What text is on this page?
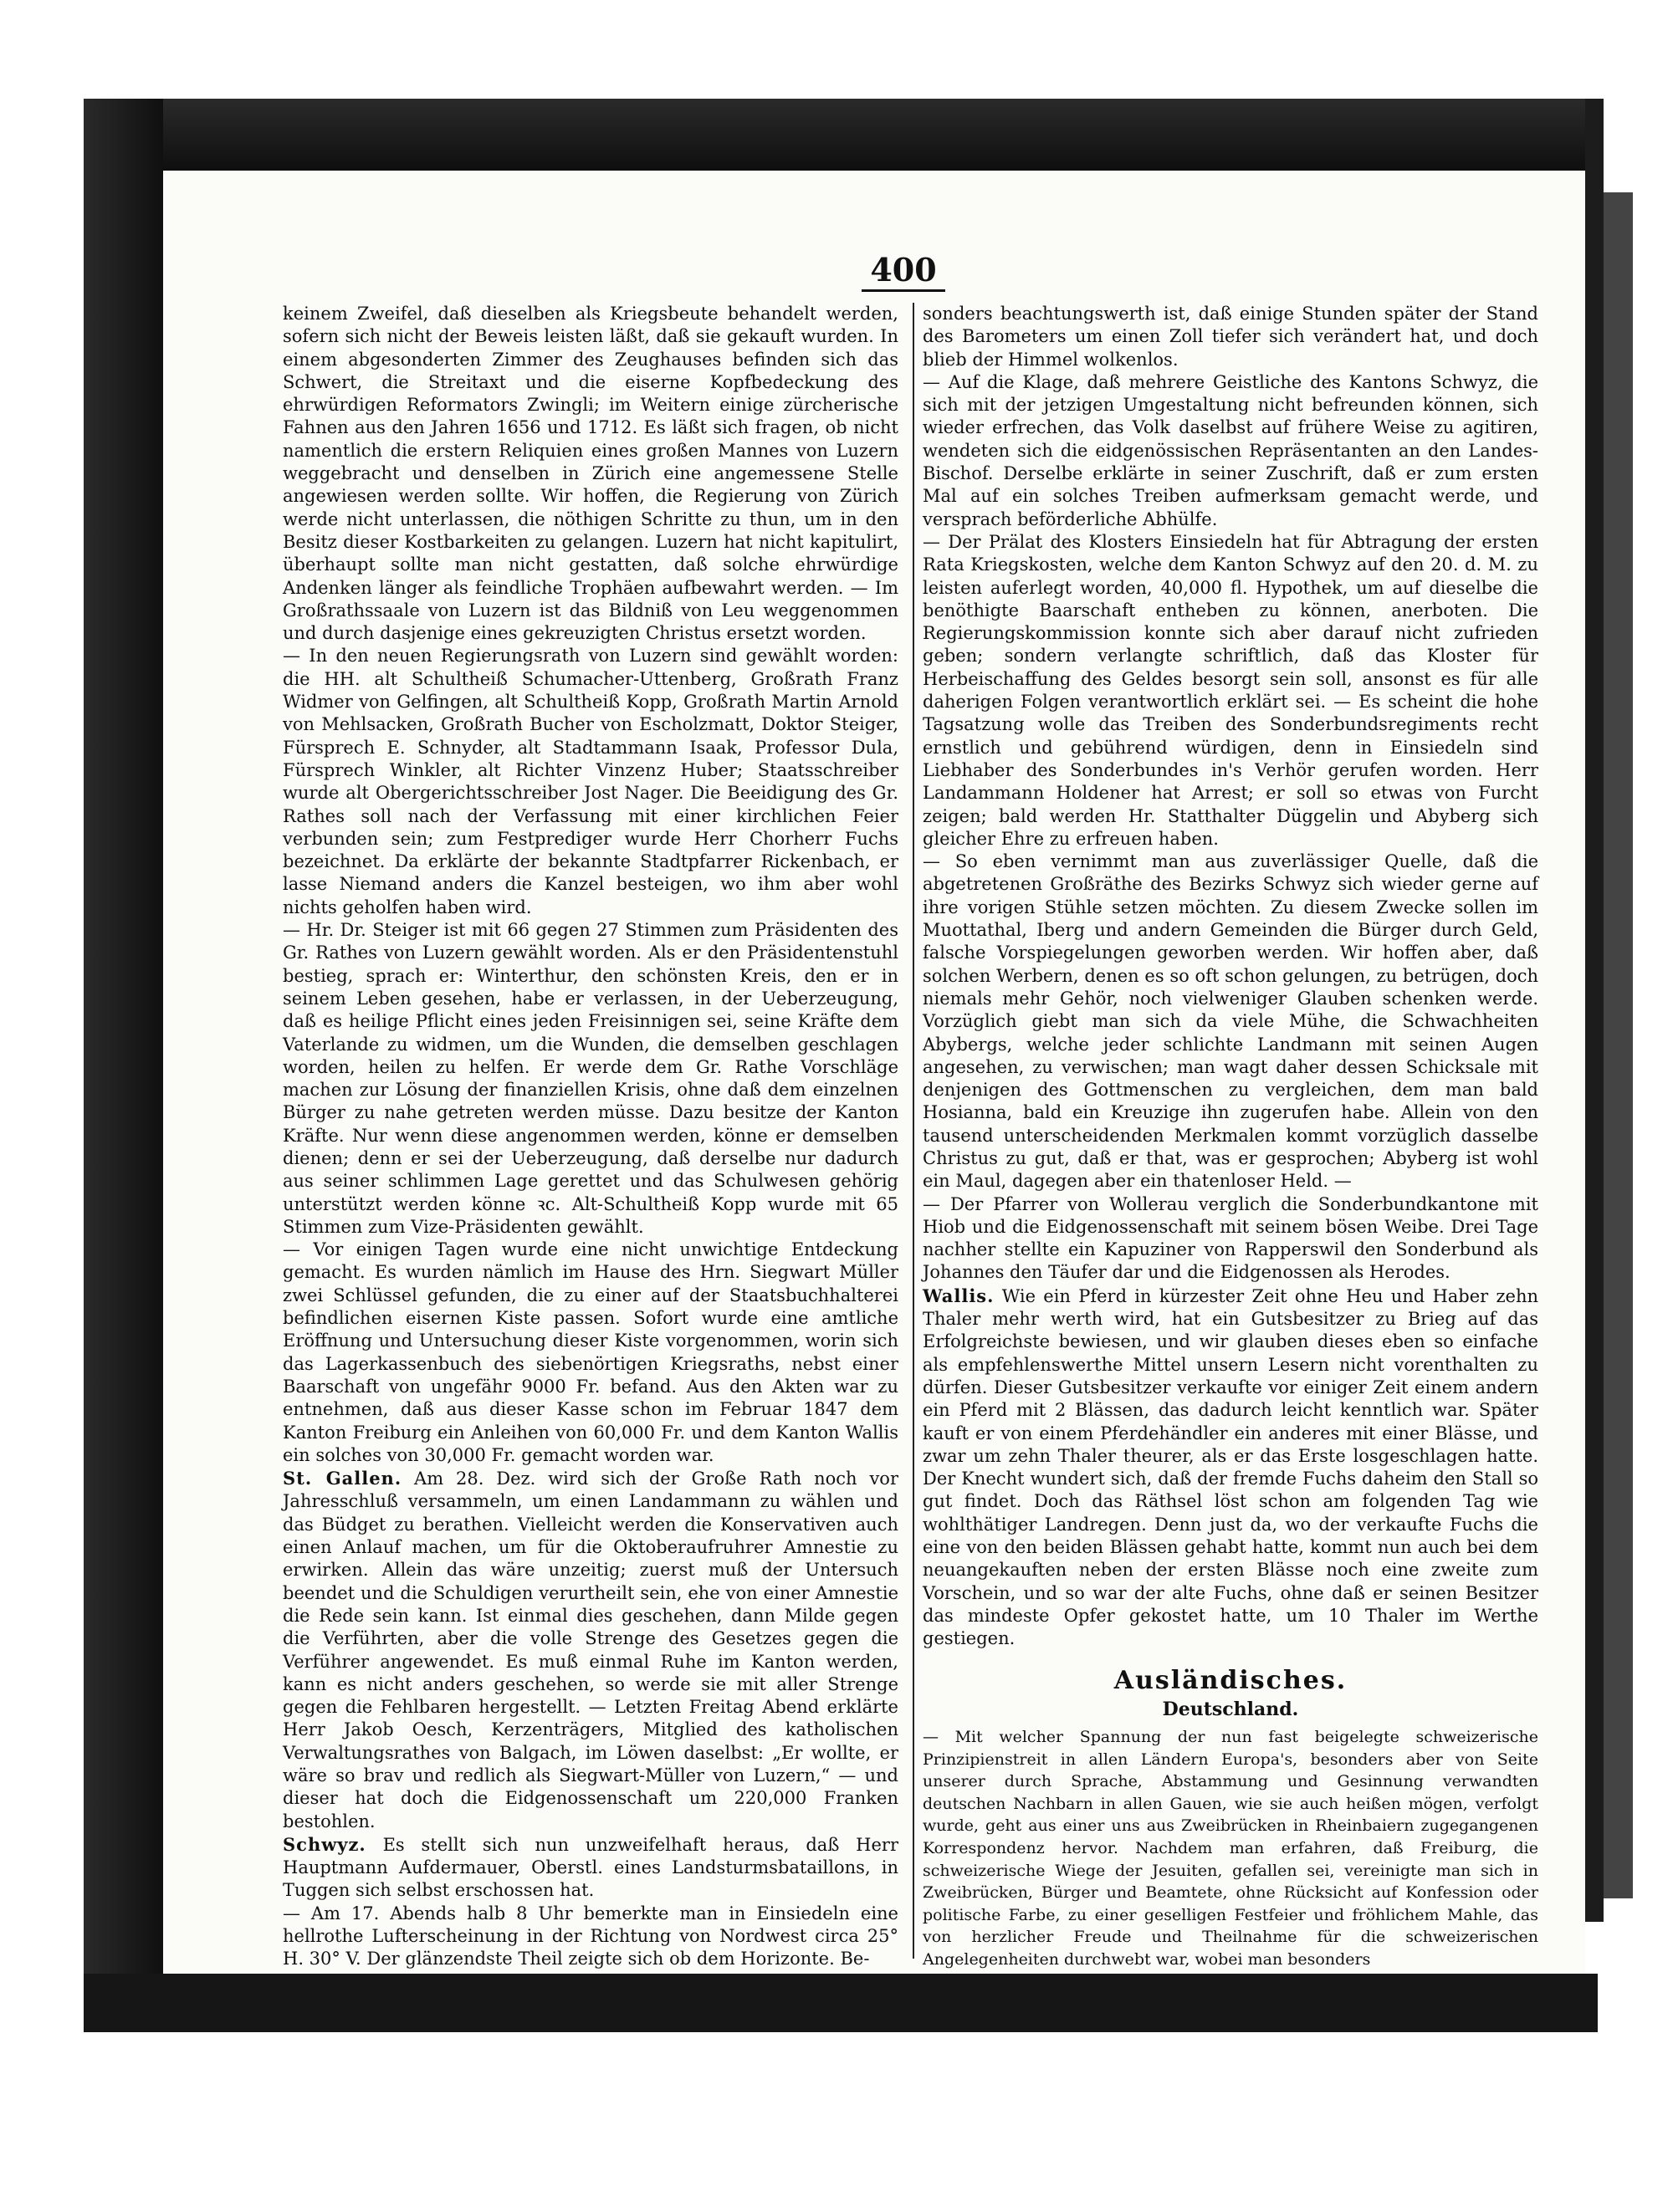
400

keinem Zweifel, daß dieselben als Kriegsbeute behandelt werden, sofern sich nicht der Beweis leisten läßt, daß sie gekauft wurden. In einem abgesonderten Zimmer des Zeughauses befinden sich das Schwert, die Streitaxt und die eiserne Kopfbedeckung des ehrwürdigen Reformators Zwingli; im Weitern einige zürcherische Fahnen aus den Jahren 1656 und 1712. Es läßt sich fragen, ob nicht namentlich die erstern Reliquien eines großen Mannes von Luzern weggebracht und denselben in Zürich eine angemessene Stelle angewiesen werden sollte. Wir hoffen, die Regierung von Zürich werde nicht unterlassen, die nöthigen Schritte zu thun, um in den Besitz dieser Kostbarkeiten zu gelangen. Luzern hat nicht kapitulirt, überhaupt sollte man nicht gestatten, daß solche ehrwürdige Andenken länger als feindliche Trophäen aufbewahrt werden. — Im Großrathssaale von Luzern ist das Bildniß von Leu weggenommen und durch dasjenige eines gekreuzigten Christus ersetzt worden.

— In den neuen Regierungsrath von Luzern sind gewählt worden: die HH. alt Schultheiß Schumacher-Uttenberg, Großrath Franz Widmer von Gelfingen, alt Schultheiß Kopp, Großrath Martin Arnold von Mehlsacken, Großrath Bucher von Escholzmatt, Doktor Steiger, Fürsprech E. Schnyder, alt Stadtammann Isaak, Professor Dula, Fürsprech Winkler, alt Richter Vinzenz Huber; Staatsschreiber wurde alt Obergerichtsschreiber Jost Nager. Die Beeidigung des Gr. Rathes soll nach der Verfassung mit einer kirchlichen Feier verbunden sein; zum Festprediger wurde Herr Chorherr Fuchs bezeichnet. Da erklärte der bekannte Stadtpfarrer Rickenbach, er lasse Niemand anders die Kanzel besteigen, wo ihm aber wohl nichts geholfen haben wird.

— Hr. Dr. Steiger ist mit 66 gegen 27 Stimmen zum Präsidenten des Gr. Rathes von Luzern gewählt worden. Als er den Präsidentenstuhl bestieg, sprach er: Winterthur, den schönsten Kreis, den er in seinem Leben gesehen, habe er verlassen, in der Ueberzeugung, daß es heilige Pflicht eines jeden Freisinnigen sei, seine Kräfte dem Vaterlande zu widmen, um die Wunden, die demselben geschlagen worden, heilen zu helfen. Er werde dem Gr. Rathe Vorschläge machen zur Lösung der finanziellen Krisis, ohne daß dem einzelnen Bürger zu nahe getreten werden müsse. Dazu besitze der Kanton Kräfte. Nur wenn diese angenommen werden, könne er demselben dienen; denn er sei der Ueberzeugung, daß derselbe nur dadurch aus seiner schlimmen Lage gerettet und das Schulwesen gehörig unterstützt werden könne ꝛc. Alt-Schultheiß Kopp wurde mit 65 Stimmen zum Vize-Präsidenten gewählt.

— Vor einigen Tagen wurde eine nicht unwichtige Entdeckung gemacht. Es wurden nämlich im Hause des Hrn. Siegwart Müller zwei Schlüssel gefunden, die zu einer auf der Staatsbuchhalterei befindlichen eisernen Kiste passen. Sofort wurde eine amtliche Eröffnung und Untersuchung dieser Kiste vorgenommen, worin sich das Lagerkassenbuch des siebenörtigen Kriegsraths, nebst einer Baarschaft von ungefähr 9000 Fr. befand. Aus den Akten war zu entnehmen, daß aus dieser Kasse schon im Februar 1847 dem Kanton Freiburg ein Anleihen von 60,000 Fr. und dem Kanton Wallis ein solches von 30,000 Fr. gemacht worden war.

St. Gallen. Am 28. Dez. wird sich der Große Rath noch vor Jahresschluß versammeln, um einen Landammann zu wählen und das Büdget zu berathen. Vielleicht werden die Konservativen auch einen Anlauf machen, um für die Oktoberaufruhrer Amnestie zu erwirken. Allein das wäre unzeitig; zuerst muß der Untersuch beendet und die Schuldigen verurtheilt sein, ehe von einer Amnestie die Rede sein kann. Ist einmal dies geschehen, dann Milde gegen die Verführten, aber die volle Strenge des Gesetzes gegen die Verführer angewendet. Es muß einmal Ruhe im Kanton werden, kann es nicht anders geschehen, so werde sie mit aller Strenge gegen die Fehlbaren hergestellt. — Letzten Freitag Abend erklärte Herr Jakob Oesch, Kerzenträgers, Mitglied des katholischen Verwaltungsrathes von Balgach, im Löwen daselbst: „Er wollte, er wäre so brav und redlich als Siegwart-Müller von Luzern,“ — und dieser hat doch die Eidgenossenschaft um 220,000 Franken bestohlen.

Schwyz. Es stellt sich nun unzweifelhaft heraus, daß Herr Hauptmann Aufdermauer, Oberstl. eines Landsturmsbataillons, in Tuggen sich selbst erschossen hat.

— Am 17. Abends halb 8 Uhr bemerkte man in Einsiedeln eine hellrothe Lufterscheinung in der Richtung von Nordwest circa 25° H. 30° V. Der glänzendste Theil zeigte sich ob dem Horizonte. Be-

sonders beachtungswerth ist, daß einige Stunden später der Stand des Barometers um einen Zoll tiefer sich verändert hat, und doch blieb der Himmel wolkenlos.

— Auf die Klage, daß mehrere Geistliche des Kantons Schwyz, die sich mit der jetzigen Umgestaltung nicht befreunden können, sich wieder erfrechen, das Volk daselbst auf frühere Weise zu agitiren, wendeten sich die eidgenössischen Repräsentanten an den Landes-Bischof. Derselbe erklärte in seiner Zuschrift, daß er zum ersten Mal auf ein solches Treiben aufmerksam gemacht werde, und versprach beförderliche Abhülfe.

— Der Prälat des Klosters Einsiedeln hat für Abtragung der ersten Rata Kriegskosten, welche dem Kanton Schwyz auf den 20. d. M. zu leisten auferlegt worden, 40,000 fl. Hypothek, um auf dieselbe die benöthigte Baarschaft entheben zu können, anerboten. Die Regierungskommission konnte sich aber darauf nicht zufrieden geben; sondern verlangte schriftlich, daß das Kloster für Herbeischaffung des Geldes besorgt sein soll, ansonst es für alle daherigen Folgen verantwortlich erklärt sei. — Es scheint die hohe Tagsatzung wolle das Treiben des Sonderbundsregiments recht ernstlich und gebührend würdigen, denn in Einsiedeln sind Liebhaber des Sonderbundes in's Verhör gerufen worden. Herr Landammann Holdener hat Arrest; er soll so etwas von Furcht zeigen; bald werden Hr. Statthalter Düggelin und Abyberg sich gleicher Ehre zu erfreuen haben.

— So eben vernimmt man aus zuverlässiger Quelle, daß die abgetretenen Großräthe des Bezirks Schwyz sich wieder gerne auf ihre vorigen Stühle setzen möchten. Zu diesem Zwecke sollen im Muottathal, Iberg und andern Gemeinden die Bürger durch Geld, falsche Vorspiegelungen geworben werden. Wir hoffen aber, daß solchen Werbern, denen es so oft schon gelungen, zu betrügen, doch niemals mehr Gehör, noch vielweniger Glauben schenken werde. Vorzüglich giebt man sich da viele Mühe, die Schwachheiten Abybergs, welche jeder schlichte Landmann mit seinen Augen angesehen, zu verwischen; man wagt daher dessen Schicksale mit denjenigen des Gottmenschen zu vergleichen, dem man bald Hosianna, bald ein Kreuzige ihn zugerufen habe. Allein von den tausend unterscheidenden Merkmalen kommt vorzüglich dasselbe Christus zu gut, daß er that, was er gesprochen; Abyberg ist wohl ein Maul, dagegen aber ein thatenloser Held. —

— Der Pfarrer von Wollerau verglich die Sonderbundkantone mit Hiob und die Eidgenossenschaft mit seinem bösen Weibe. Drei Tage nachher stellte ein Kapuziner von Rapperswil den Sonderbund als Johannes den Täufer dar und die Eidgenossen als Herodes.

Wallis. Wie ein Pferd in kürzester Zeit ohne Heu und Haber zehn Thaler mehr werth wird, hat ein Gutsbesitzer zu Brieg auf das Erfolgreichste bewiesen, und wir glauben dieses eben so einfache als empfehlenswerthe Mittel unsern Lesern nicht vorenthalten zu dürfen. Dieser Gutsbesitzer verkaufte vor einiger Zeit einem andern ein Pferd mit 2 Blässen, das dadurch leicht kenntlich war. Später kauft er von einem Pferdehändler ein anderes mit einer Blässe, und zwar um zehn Thaler theurer, als er das Erste losgeschlagen hatte. Der Knecht wundert sich, daß der fremde Fuchs daheim den Stall so gut findet. Doch das Räthsel löst schon am folgenden Tag wie wohlthätiger Landregen. Denn just da, wo der verkaufte Fuchs die eine von den beiden Blässen gehabt hatte, kommt nun auch bei dem neuangekauften neben der ersten Blässe noch eine zweite zum Vorschein, und so war der alte Fuchs, ohne daß er seinen Besitzer das mindeste Opfer gekostet hatte, um 10 Thaler im Werthe gestiegen.

Ausländisches.
Deutschland.

— Mit welcher Spannung der nun fast beigelegte schweizerische Prinzipienstreit in allen Ländern Europa's, besonders aber von Seite unserer durch Sprache, Abstammung und Gesinnung verwandten deutschen Nachbarn in allen Gauen, wie sie auch heißen mögen, verfolgt wurde, geht aus einer uns aus Zweibrücken in Rheinbaiern zugegangenen Korrespondenz hervor. Nachdem man erfahren, daß Freiburg, die schweizerische Wiege der Jesuiten, gefallen sei, vereinigte man sich in Zweibrücken, Bürger und Beamtete, ohne Rücksicht auf Konfession oder politische Farbe, zu einer geselligen Festfeier und fröhlichem Mahle, das von herzlicher Freude und Theilnahme für die schweizerischen Angelegenheiten durchwebt war, wobei man besonders
